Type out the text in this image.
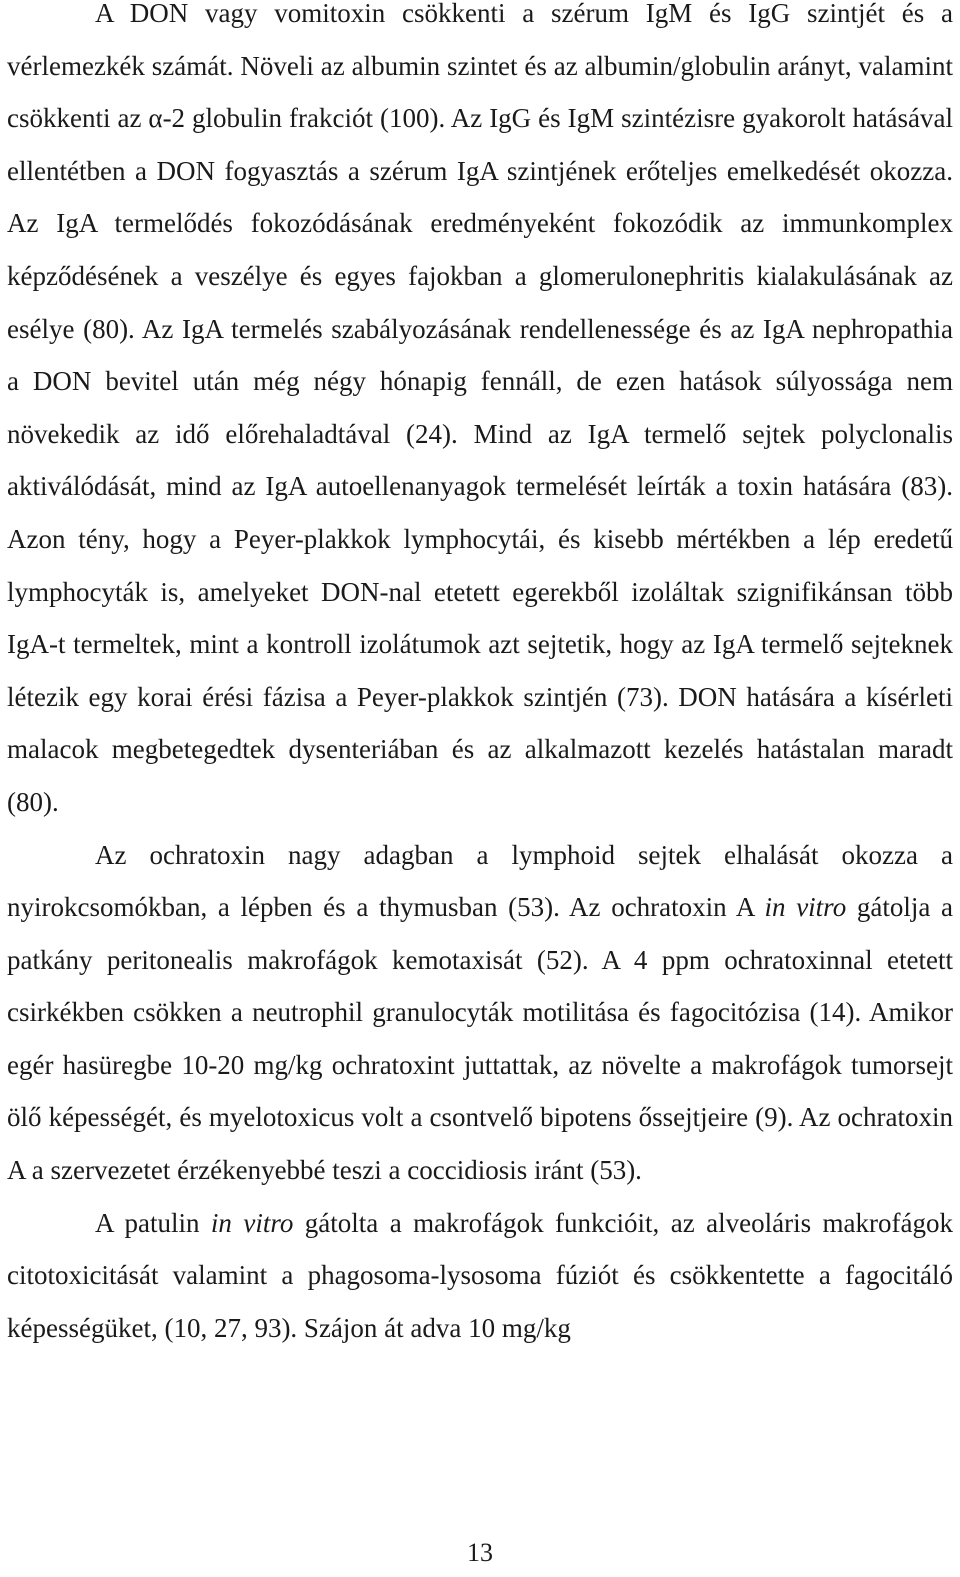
A DON vagy vomitoxin csökkenti a szérum IgM és IgG szintjét és a vérlemezkék számát. Növeli az albumin szintet és az albumin/globulin arányt, valamint csökkenti az α-2 globulin frakciót (100). Az IgG és IgM szintézisre gyakorolt hatásával ellentétben a DON fogyasztás a szérum IgA szintjének erőteljes emelkedését okozza. Az IgA termelődés fokozódásának eredményeként fokozódik az immunkomplex képződésének a veszélye és egyes fajokban a glomerulonephritis kialakulásának az esélye (80). Az IgA termelés szabályozásának rendellenessége és az IgA nephropathia a DON bevitel után még négy hónapig fennáll, de ezen hatások súlyossága nem növekedik az idő előrehaladtával (24). Mind az IgA termelő sejtek polyclonalis aktiválódását, mind az IgA autoellenanyagok termelését leírták a toxin hatására (83). Azon tény, hogy a Peyer-plakkok lymphocytái, és kisebb mértékben a lép eredetű lymphocyták is, amelyeket DON-nal etetett egerekből izoláltak szignifikánsan több IgA-t termeltek, mint a kontroll izolátumok azt sejtetik, hogy az IgA termelő sejteknek létezik egy korai érési fázisa a Peyer-plakkok szintjén (73). DON hatására a kísérleti malacok megbetegedtek dysenteriában és az alkalmazott kezelés hatástalan maradt (80).

Az ochratoxin nagy adagban a lymphoid sejtek elhalását okozza a nyirokcsomókban, a lépben és a thymusban (53). Az ochratoxin A in vitro gátolja a patkány peritonealis makrofágok kemotaxisát (52). A 4 ppm ochratoxinnal etetett csirkékben csökken a neutrophil granulocyták motilitása és fagocitózisa (14). Amikor egér hasüregbe 10-20 mg/kg ochratoxint juttattak, az növelte a makrofágok tumorsejt ölő képességét, és myelotoxicus volt a csontvelő bipotens őssejtjeire (9). Az ochratoxin A a szervezetet érzékenyebbé teszi a coccidiosis iránt (53).

A patulin in vitro gátolta a makrofágok funkcióit, az alveoláris makrofágok citotoxicitását valamint a phagosoma-lysosoma fúziót és csökkentette a fagocitáló képességüket, (10, 27, 93). Szájon át adva 10 mg/kg

13
